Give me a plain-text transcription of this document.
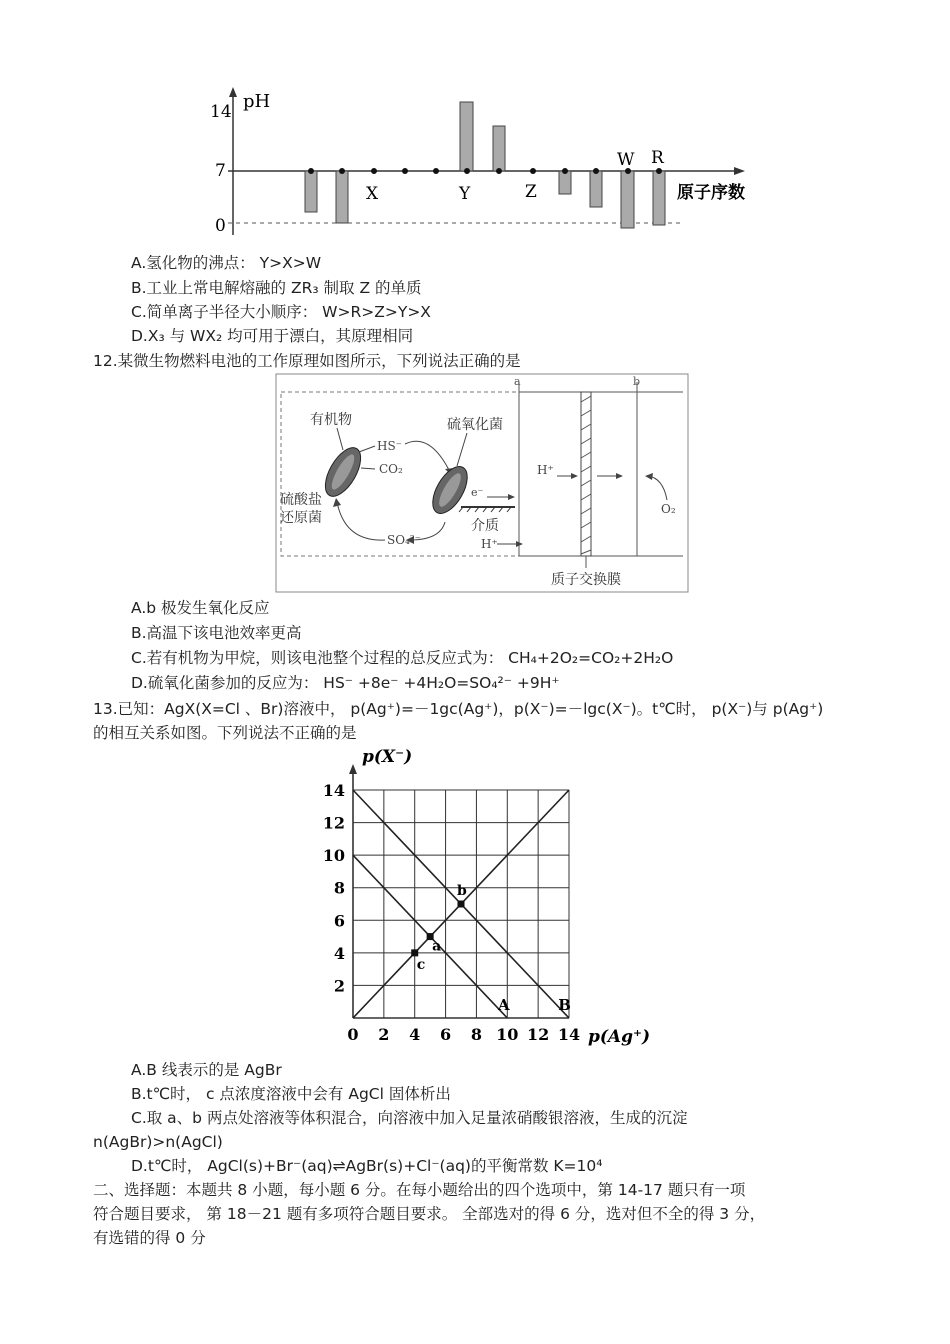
14
7
0
pH
原子序数
X	Y	Z
W R
A.氢化物的沸点： Y>X>W
B.工业上常电解熔融的 ZR₃ 制取 Z 的单质
C.简单离子半径大小顺序： W>R>Z>Y>X
D.X₃ 与 WX₂ 均可用于漂白，其原理相同
12.某微生物燃料电池的工作原理如图所示，下列说法正确的是
a	b
质子交换膜
H⁺
O₂
有机物
HS⁻
CO₂
硫酸盐
还原菌
SO₄²⁻
硫氧化菌
e⁻
介质
H⁺
A.b 极发生氧化反应
B.高温下该电池效率更高
C.若有机物为甲烷，则该电池整个过程的总反应式为： CH₄+2O₂=CO₂+2H₂O
D.硫氧化菌参加的反应为： HS⁻ +8e⁻ +4H₂O=SO₄²⁻ +9H⁺
13.已知：AgX(X=Cl 、Br)溶液中， p(Ag⁺)=－1gc(Ag⁺)，p(X⁻)=－lgc(X⁻)。t℃时， p(X⁻)与 p(Ag⁺)
的相互关系如图。下列说法不正确的是
A	B
a
b
c
0 2 4 6 8 10 12 14
2
4
6
8
10
12
14
p(X⁻)
p(Ag⁺)
A.B 线表示的是 AgBr
B.t℃时， c 点浓度溶液中会有 AgCl 固体析出
C.取 a、b 两点处溶液等体积混合，向溶液中加入足量浓硝酸银溶液，生成的沉淀
n(AgBr)>n(AgCl)
D.t℃时， AgCl(s)+Br⁻(aq)⇌AgBr(s)+Cl⁻(aq)的平衡常数 K=10⁴
二、选择题：本题共 8 小题，每小题 6 分。在每小题给出的四个选项中，第 14-17 题只有一项
符合题目要求， 第 18－21 题有多项符合题目要求。 全部选对的得 6 分，选对但不全的得 3 分，
有选错的得 0 分
